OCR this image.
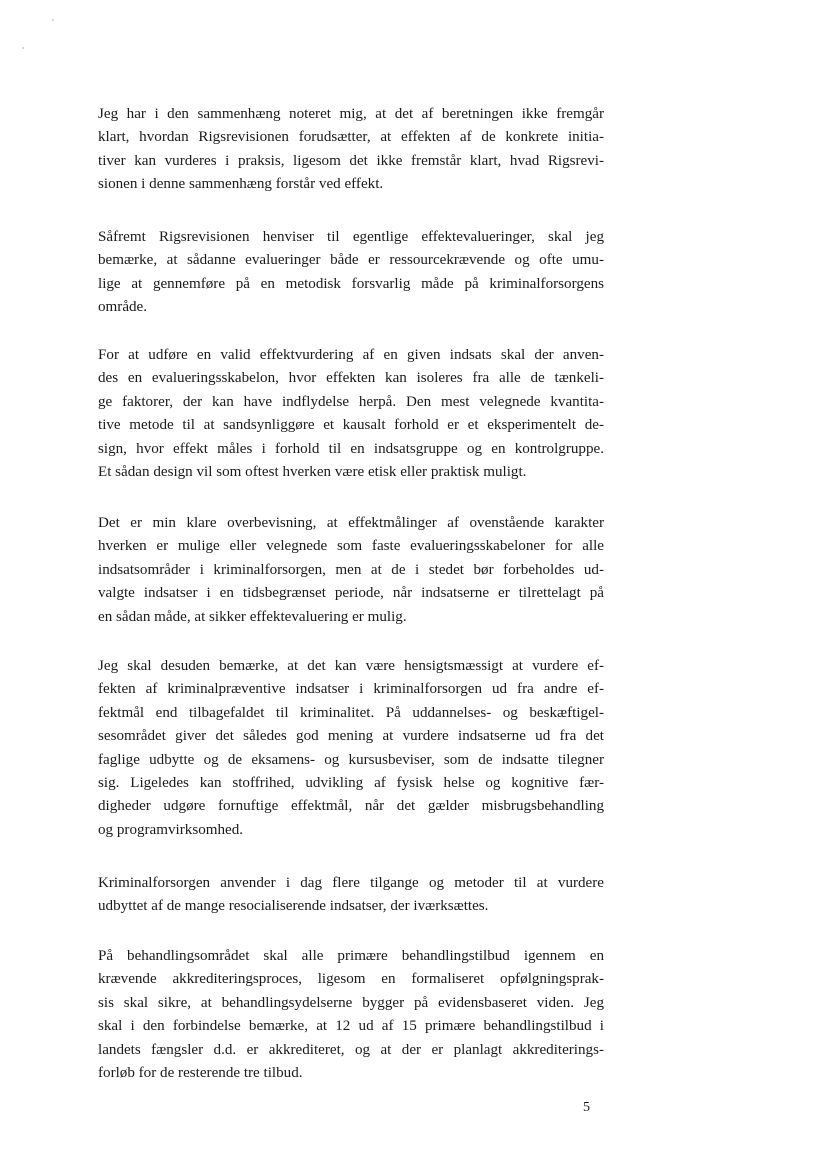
Jeg har i den sammenhæng noteret mig, at det af beretningen ikke fremgår
klart, hvordan Rigsrevisionen forudsætter, at effekten af de konkrete initia-
tiver kan vurderes i praksis, ligesom det ikke fremstår klart, hvad Rigsrevi-
sionen i denne sammenhæng forstår ved effekt.
Såfremt Rigsrevisionen henviser til egentlige effektevalueringer, skal jeg
bemærke, at sådanne evalueringer både er ressourcekrævende og ofte umu-
lige at gennemføre på en metodisk forsvarlig måde på kriminalforsorgens
område.
For at udføre en valid effektvurdering af en given indsats skal der anven-
des en evalueringsskabelon, hvor effekten kan isoleres fra alle de tænkeli-
ge faktorer, der kan have indflydelse herpå. Den mest velegnede kvantita-
tive metode til at sandsynliggøre et kausalt forhold er et eksperimentelt de-
sign, hvor effekt måles i forhold til en indsatsgruppe og en kontrolgruppe.
Et sådan design vil som oftest hverken være etisk eller praktisk muligt.
Det er min klare overbevisning, at effektmålinger af ovenstående karakter
hverken er mulige eller velegnede som faste evalueringsskabeloner for alle
indsatsområder i kriminalforsorgen, men at de i stedet bør forbeholdes ud-
valgte indsatser i en tidsbegrænset periode, når indsatserne er tilrettelagt på
en sådan måde, at sikker effektevaluering er mulig.
Jeg skal desuden bemærke, at det kan være hensigtsmæssigt at vurdere ef-
fekten af kriminalpræventive indsatser i kriminalforsorgen ud fra andre ef-
fektmål end tilbagefaldet til kriminalitet. På uddannelses- og beskæftigel-
sesområdet giver det således god mening at vurdere indsatserne ud fra det
faglige udbytte og de eksamens- og kursusbeviser, som de indsatte tilegner
sig. Ligeledes kan stoffrihed, udvikling af fysisk helse og kognitive fær-
digheder udgøre fornuftige effektmål, når det gælder misbrugsbehandling
og programvirksomhed.
Kriminalforsorgen anvender i dag flere tilgange og metoder til at vurdere
udbyttet af de mange resocialiserende indsatser, der iværksættes.
På behandlingsområdet skal alle primære behandlingstilbud igennem en
krævende akkrediteringsproces, ligesom en formaliseret opfølgningsprak-
sis skal sikre, at behandlingsydelserne bygger på evidensbaseret viden. Jeg
skal i den forbindelse bemærke, at 12 ud af 15 primære behandlingstilbud i
landets fængsler d.d. er akkrediteret, og at der er planlagt akkrediterings-
forløb for de resterende tre tilbud.
5
